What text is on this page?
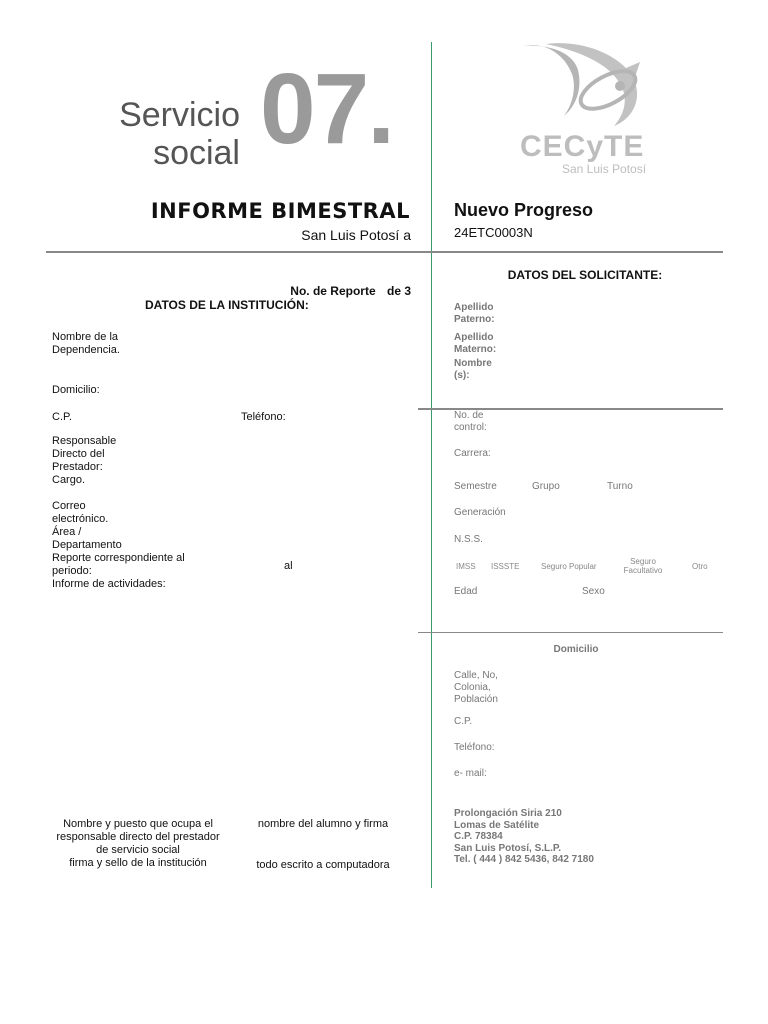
Servicio
social 07.	CECyTE
San Luis Potosí
INFORME BIMESTRAL
San Luis Potosí a
Nuevo Progreso
24ETC0003N
No. de Reporte de 3
DATOS DE LA INSTITUCIÓN:
Nombre de la
Dependencia.
Domicilio:
C.P.	Teléfono:
Responsable
Directo del
Prestador:
Cargo.
Correo
electrónico.
Área /
Departamento
Reporte correspondiente al
periodo:
Informe de actividades:
al
DATOS DEL SOLICITANTE:
Apellido
Paterno:
Apellido
Materno:
Nombre
(s):
No. de
control:
Carrera:
Semestre	Grupo	Turno
Generación
N.S.S.
IMSS ISSSTE	Seguro Popular
Seguro
Facultativo	Otro
Edad	Sexo
Domicilio
Calle, No,
Colonia,
Población
C.P.
Teléfono:
e- mail:
Prolongación Siria 210
Lomas de Satélite
C.P. 78384
San Luis Potosí, S.L.P.
Tel. ( 444 ) 842 5436, 842 7180
Nombre y puesto que ocupa el
responsable directo del prestador
de servicio social
firma y sello de la institución
nombre del alumno y firma
todo escrito a computadora
